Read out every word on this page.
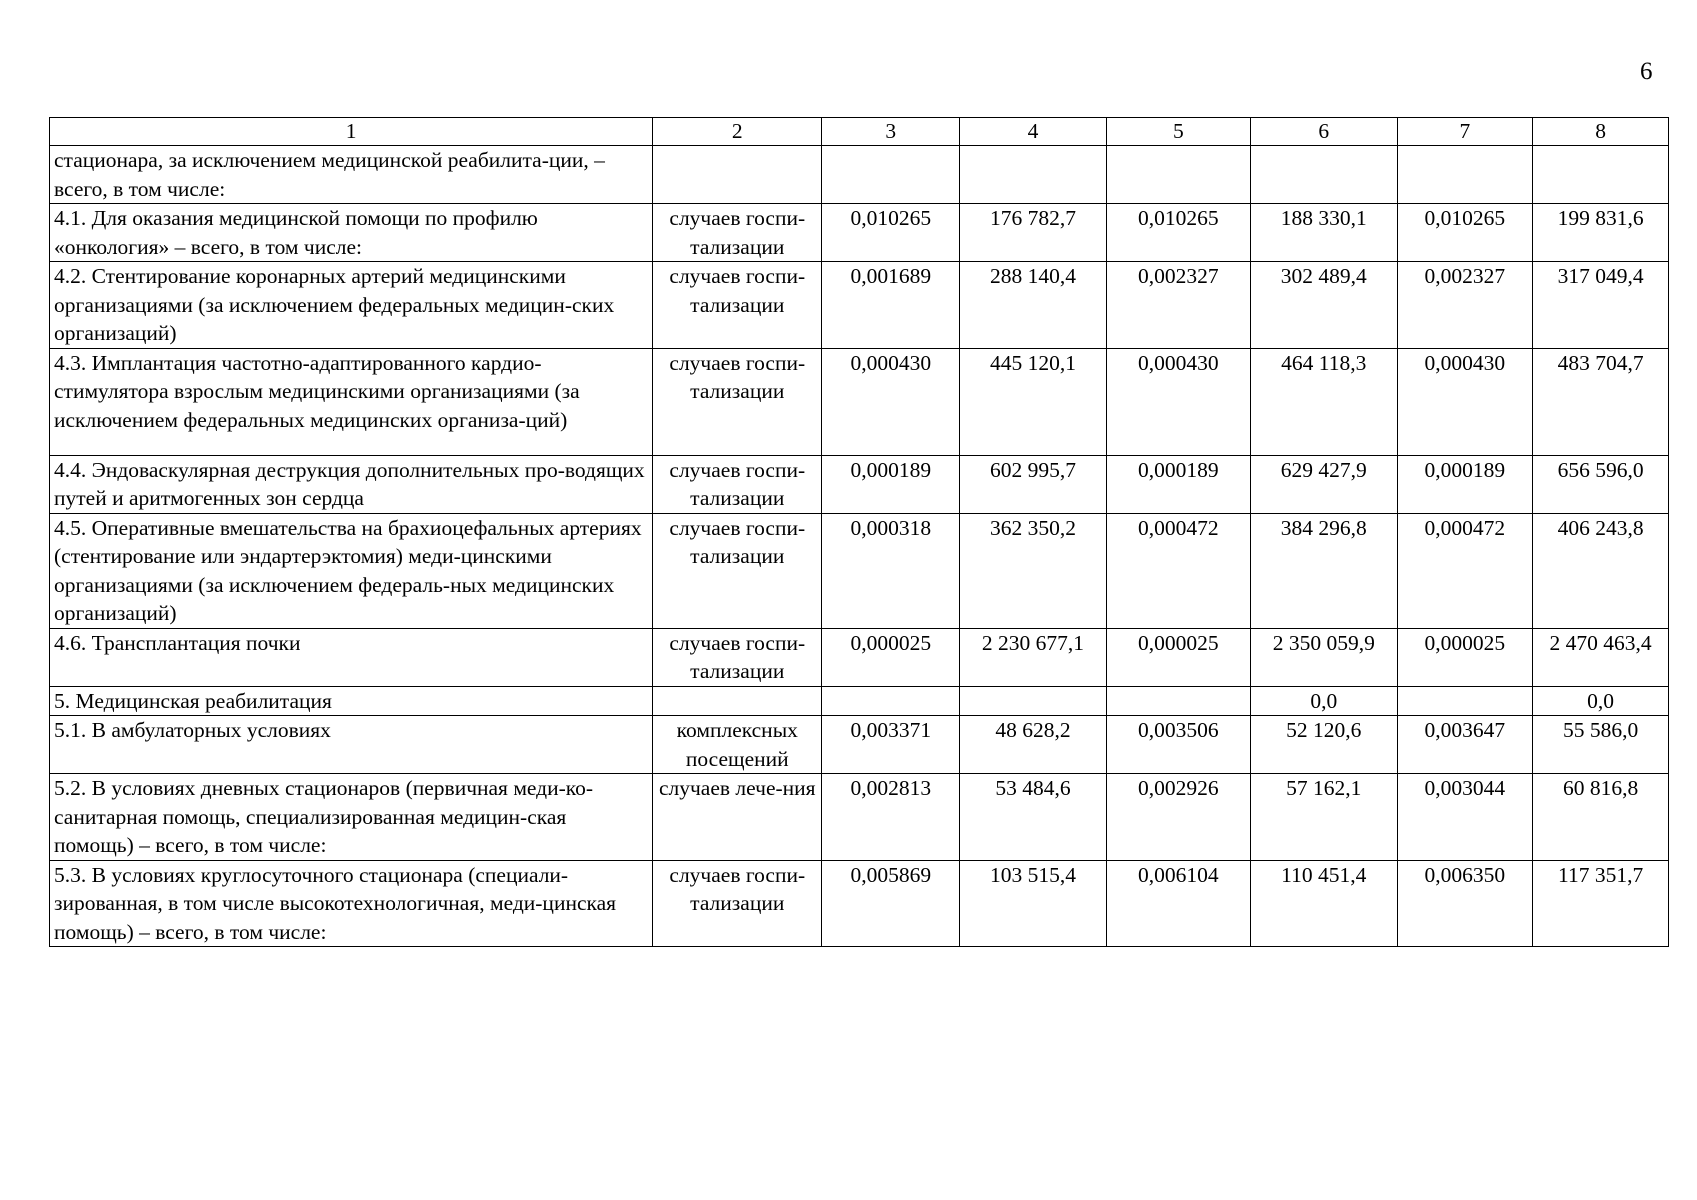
6
1	2	3	4	5	6	7	8
стационара, за исключением медицинской реабилита-ции, – всего, в том числе:							
4.1. Для оказания медицинской помощи по профилю «онкология» – всего, в том числе:	случаев госпи-тализации	0,010265	176 782,7	0,010265	188 330,1	0,010265	199 831,6
4.2. Стентирование коронарных артерий медицинскими организациями (за исключением федеральных медицин-ских организаций)	случаев госпи-тализации	0,001689	288 140,4	0,002327	302 489,4	0,002327	317 049,4
4.3. Имплантация частотно-адаптированного кардио-стимулятора взрослым медицинскими организациями (за исключением федеральных медицинских организа-ций)	случаев госпи-тализации	0,000430	445 120,1	0,000430	464 118,3	0,000430	483 704,7
4.4. Эндоваскулярная деструкция дополнительных про-водящих путей и аритмогенных зон сердца	случаев госпи-тализации	0,000189	602 995,7	0,000189	629 427,9	0,000189	656 596,0
4.5. Оперативные вмешательства на брахиоцефальных артериях (стентирование или эндартерэктомия) меди-цинскими организациями (за исключением федераль-ных медицинских организаций)	случаев госпи-тализации	0,000318	362 350,2	0,000472	384 296,8	0,000472	406 243,8
4.6. Трансплантация почки	случаев госпи-тализации	0,000025	2 230 677,1	0,000025	2 350 059,9	0,000025	2 470 463,4
5. Медицинская реабилитация					0,0		0,0
5.1. В амбулаторных условиях	комплексных посещений	0,003371	48 628,2	0,003506	52 120,6	0,003647	55 586,0
5.2. В условиях дневных стационаров (первичная меди-ко-санитарная помощь, специализированная медицин-ская помощь) – всего, в том числе:	случаев лече-ния	0,002813	53 484,6	0,002926	57 162,1	0,003044	60 816,8
5.3. В условиях круглосуточного стационара (специали-зированная, в том числе высокотехнологичная, меди-цинская помощь) – всего, в том числе:	случаев госпи-тализации	0,005869	103 515,4	0,006104	110 451,4	0,006350	117 351,7
